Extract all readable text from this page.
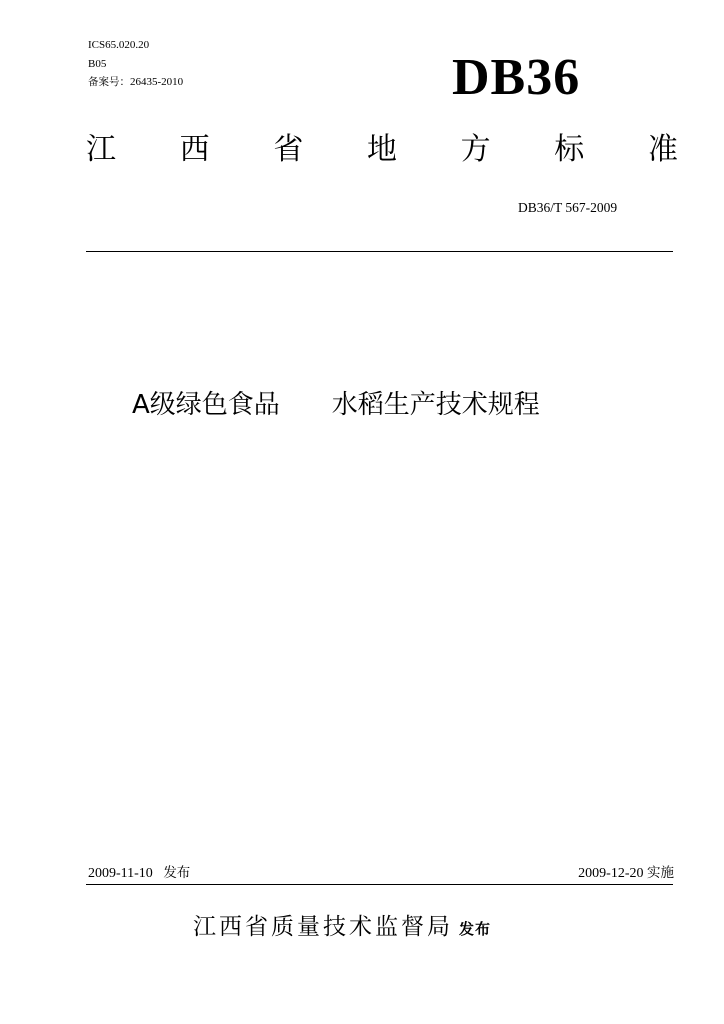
ICS65.020.20
B05
备案号：26435-2010	DB36
江 西 省 地 方 标 准
DB36/T 567-2009
A级绿色食品 水稻生产技术规程
2009-11-10 发布	2009-12-20 实施
江西省质量技术监督局 发布
